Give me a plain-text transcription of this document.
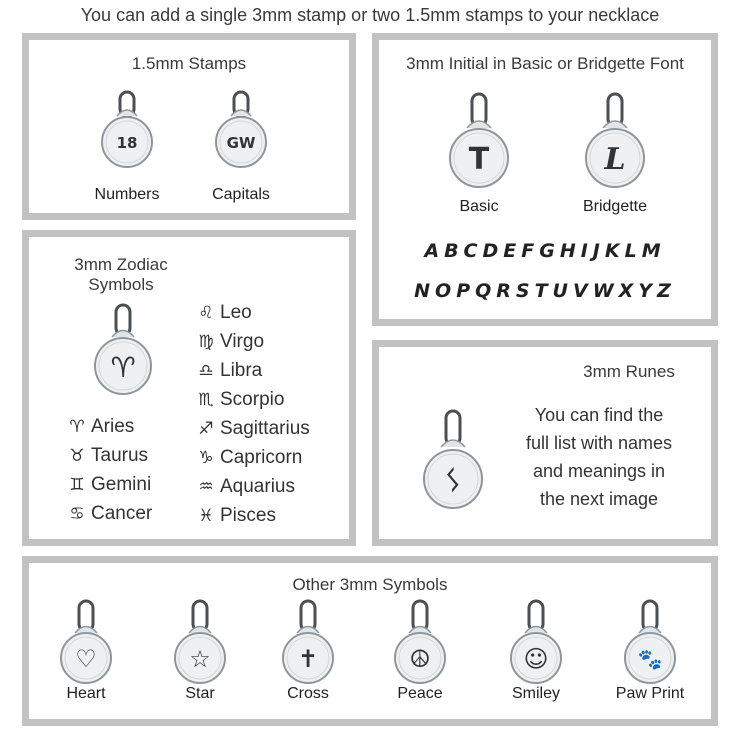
You can add a single 3mm stamp or two 1.5mm stamps to your necklace
1.5mm Stamps
18
Numbers
GW
Capitals
3mm Initial in Basic or Bridgette Font
T
Basic
L
Bridgette
ABCDEFGHIJKLM
NOPQRSTUVWXYZ
3mm Zodiac Symbols
♈
♈ Aries
♉ Taurus
♊ Gemini
♋ Cancer
♌ Leo
♍ Virgo
♎ Libra
♏ Scorpio
♐ Sagittarius
♑ Capricorn
♒ Aquarius
♓ Pisces
3mm Runes
ᛊ
You can find the
full list with names
and meanings in
the next image
Other 3mm Symbols
♡
Heart
☆
Star
✝
Cross
☮
Peace
☺
Smiley
🐾
Paw Print
